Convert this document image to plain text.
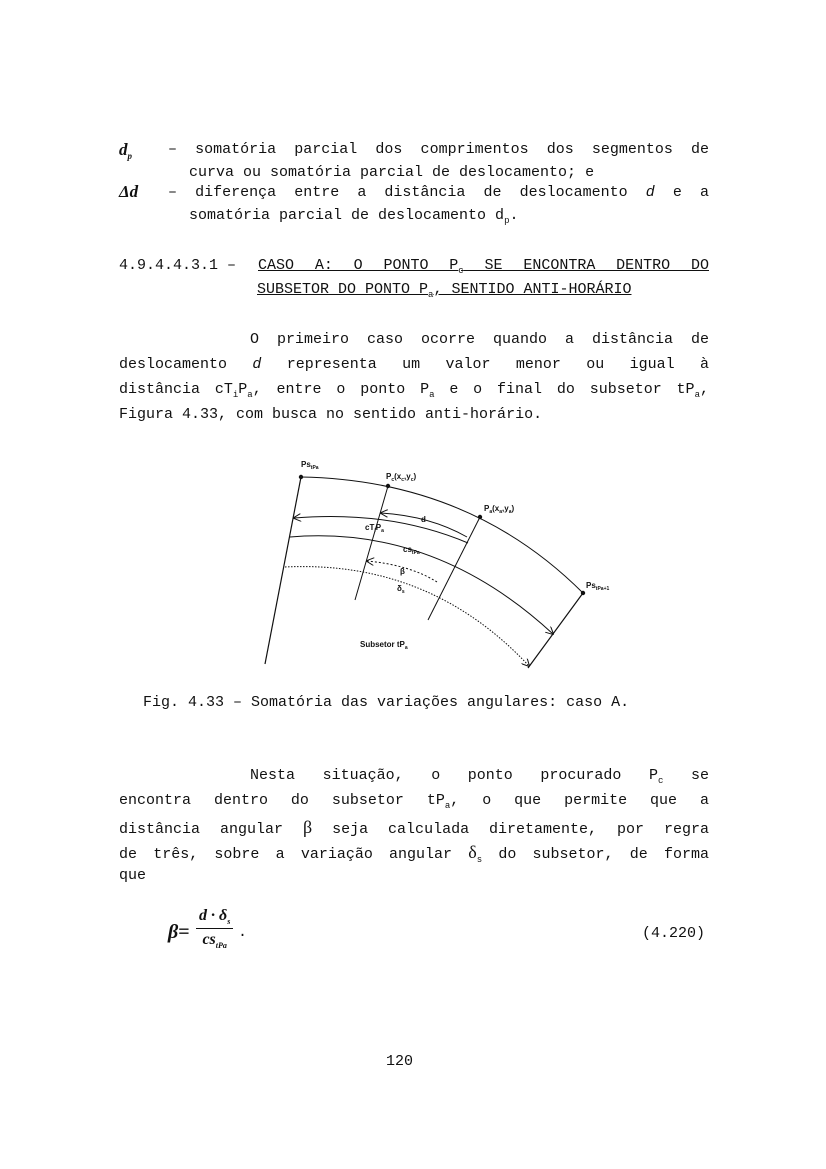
$d_p$ – somatória parcial dos comprimentos dos segmentos de
curva ou somatória parcial de deslocamento; e
Δd – diferença entre a distância de deslocamento d e a
somatória parcial de deslocamento $d_p$.
4.9.4.4.3.1 – CASO A: O PONTO $P_c$ SE ENCONTRA DENTRO DO
SUBSETOR DO PONTO $P_a$, SENTIDO ANTI-HORÁRIO
O primeiro caso ocorre quando a distância de
deslocamento d representa um valor menor ou igual à
distância $cT_iP_a$, entre o ponto $P_a$ e o final do subsetor $tP_a$,
Figura 4.33, com busca no sentido anti-horário.
$Ps_{tPa}$
$P_c(x_c,y_c)$
$P_a(x_a,y_a)$
$Ps_{tPa+1}$
d
$cT_iP_a$
$cs_{tPa}$
β
$\delta_s$
Subsetor $tP_a$
Fig. 4.33 – Somatória das variações angulares: caso A.
Nesta situação, o ponto procurado $P_c$ se
encontra dentro do subsetor $tP_a$, o que permite que a
distância angular β seja calculada diretamente, por regra
de três, sobre a variação angular $\delta_s$ do subsetor, de forma
que
β=
$d \cdot \delta_s$
$cs_{tPa}$
.	(4.220)
120
